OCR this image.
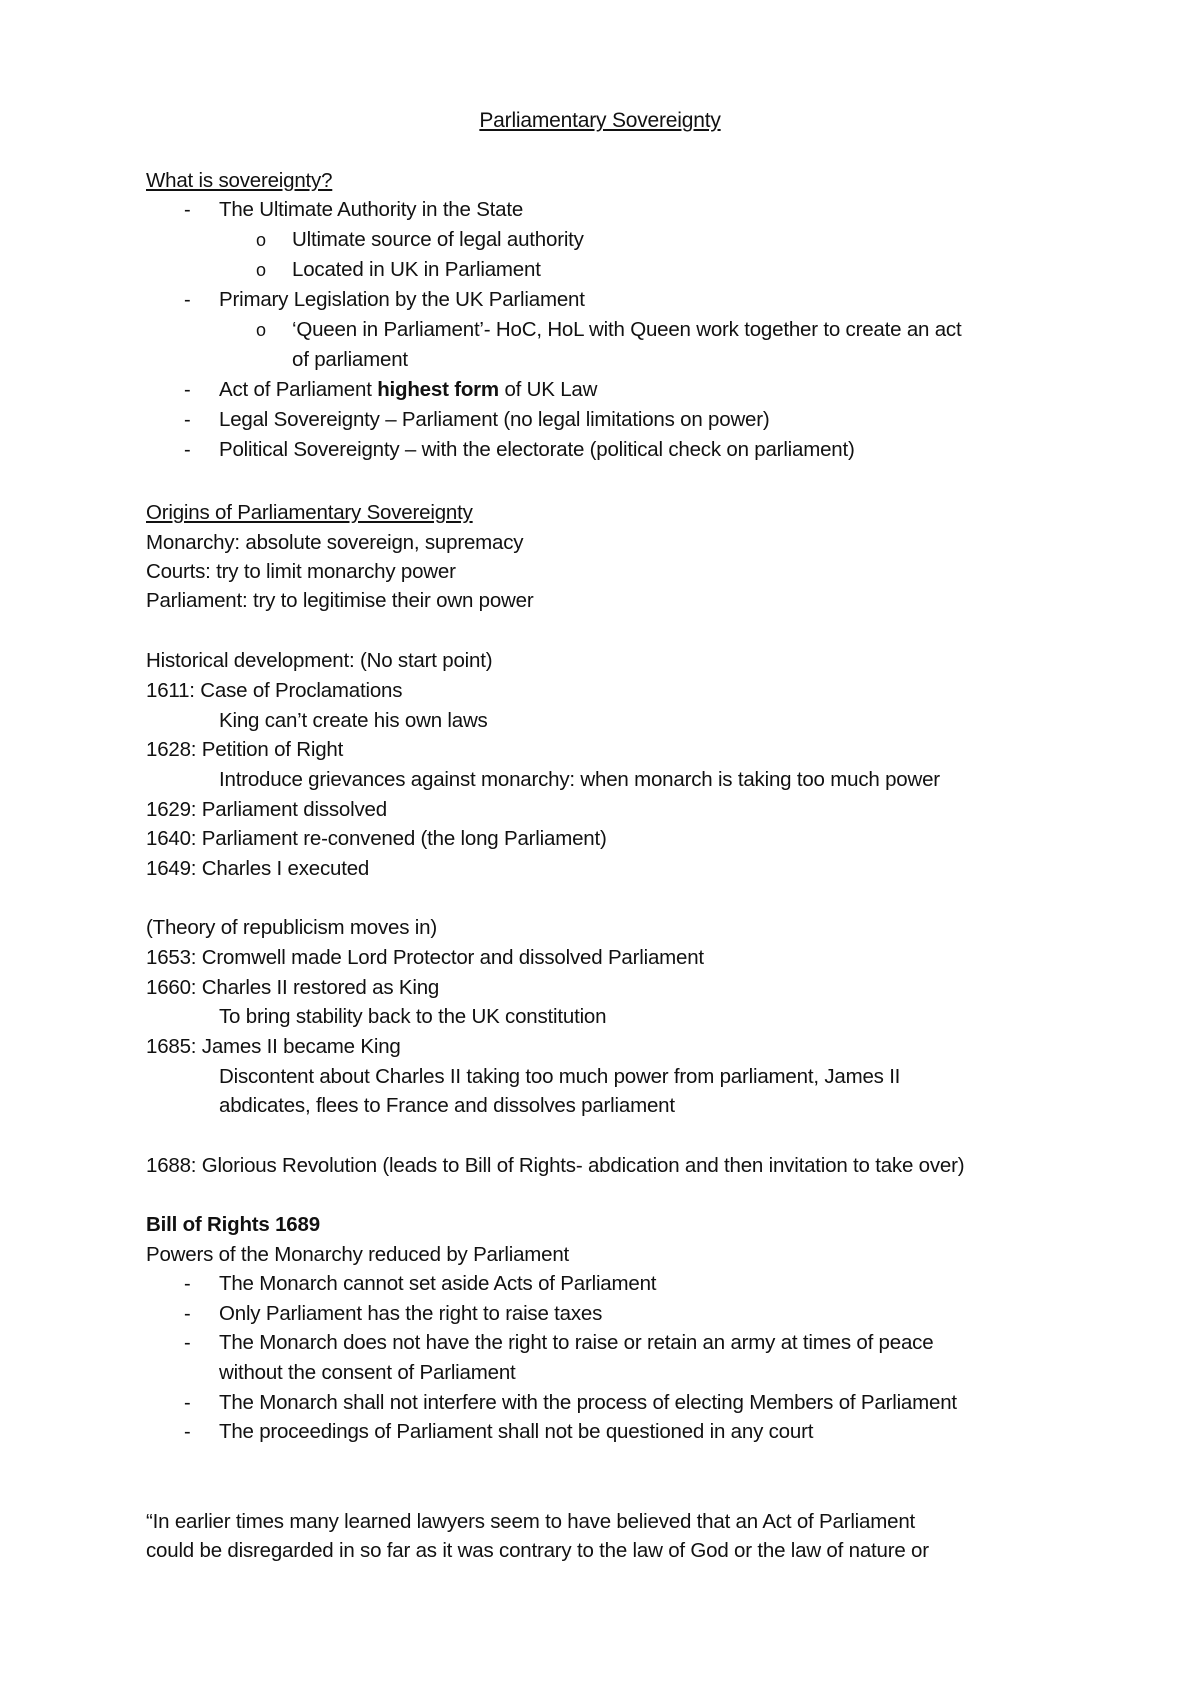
Parliamentary Sovereignty
What is sovereignty?
- The Ultimate Authority in the State
o Ultimate source of legal authority
o Located in UK in Parliament
- Primary Legislation by the UK Parliament
o ‘Queen in Parliament’- HoC, HoL with Queen work together to create an act
of parliament
- Act of Parliament highest form of UK Law
- Legal Sovereignty – Parliament (no legal limitations on power)
- Political Sovereignty – with the electorate (political check on parliament)
Origins of Parliamentary Sovereignty
Monarchy: absolute sovereign, supremacy
Courts: try to limit monarchy power
Parliament: try to legitimise their own power
Historical development: (No start point)
1611: Case of Proclamations
King can’t create his own laws
1628: Petition of Right
Introduce grievances against monarchy: when monarch is taking too much power
1629: Parliament dissolved
1640: Parliament re-convened (the long Parliament)
1649: Charles I executed
(Theory of republicism moves in)
1653: Cromwell made Lord Protector and dissolved Parliament
1660: Charles II restored as King
To bring stability back to the UK constitution
1685: James II became King
Discontent about Charles II taking too much power from parliament, James II
abdicates, flees to France and dissolves parliament
1688: Glorious Revolution (leads to Bill of Rights- abdication and then invitation to take over)
Bill of Rights 1689
Powers of the Monarchy reduced by Parliament
- The Monarch cannot set aside Acts of Parliament
- Only Parliament has the right to raise taxes
- The Monarch does not have the right to raise or retain an army at times of peace
without the consent of Parliament
- The Monarch shall not interfere with the process of electing Members of Parliament
- The proceedings of Parliament shall not be questioned in any court
“In earlier times many learned lawyers seem to have believed that an Act of Parliament
could be disregarded in so far as it was contrary to the law of God or the law of nature or
